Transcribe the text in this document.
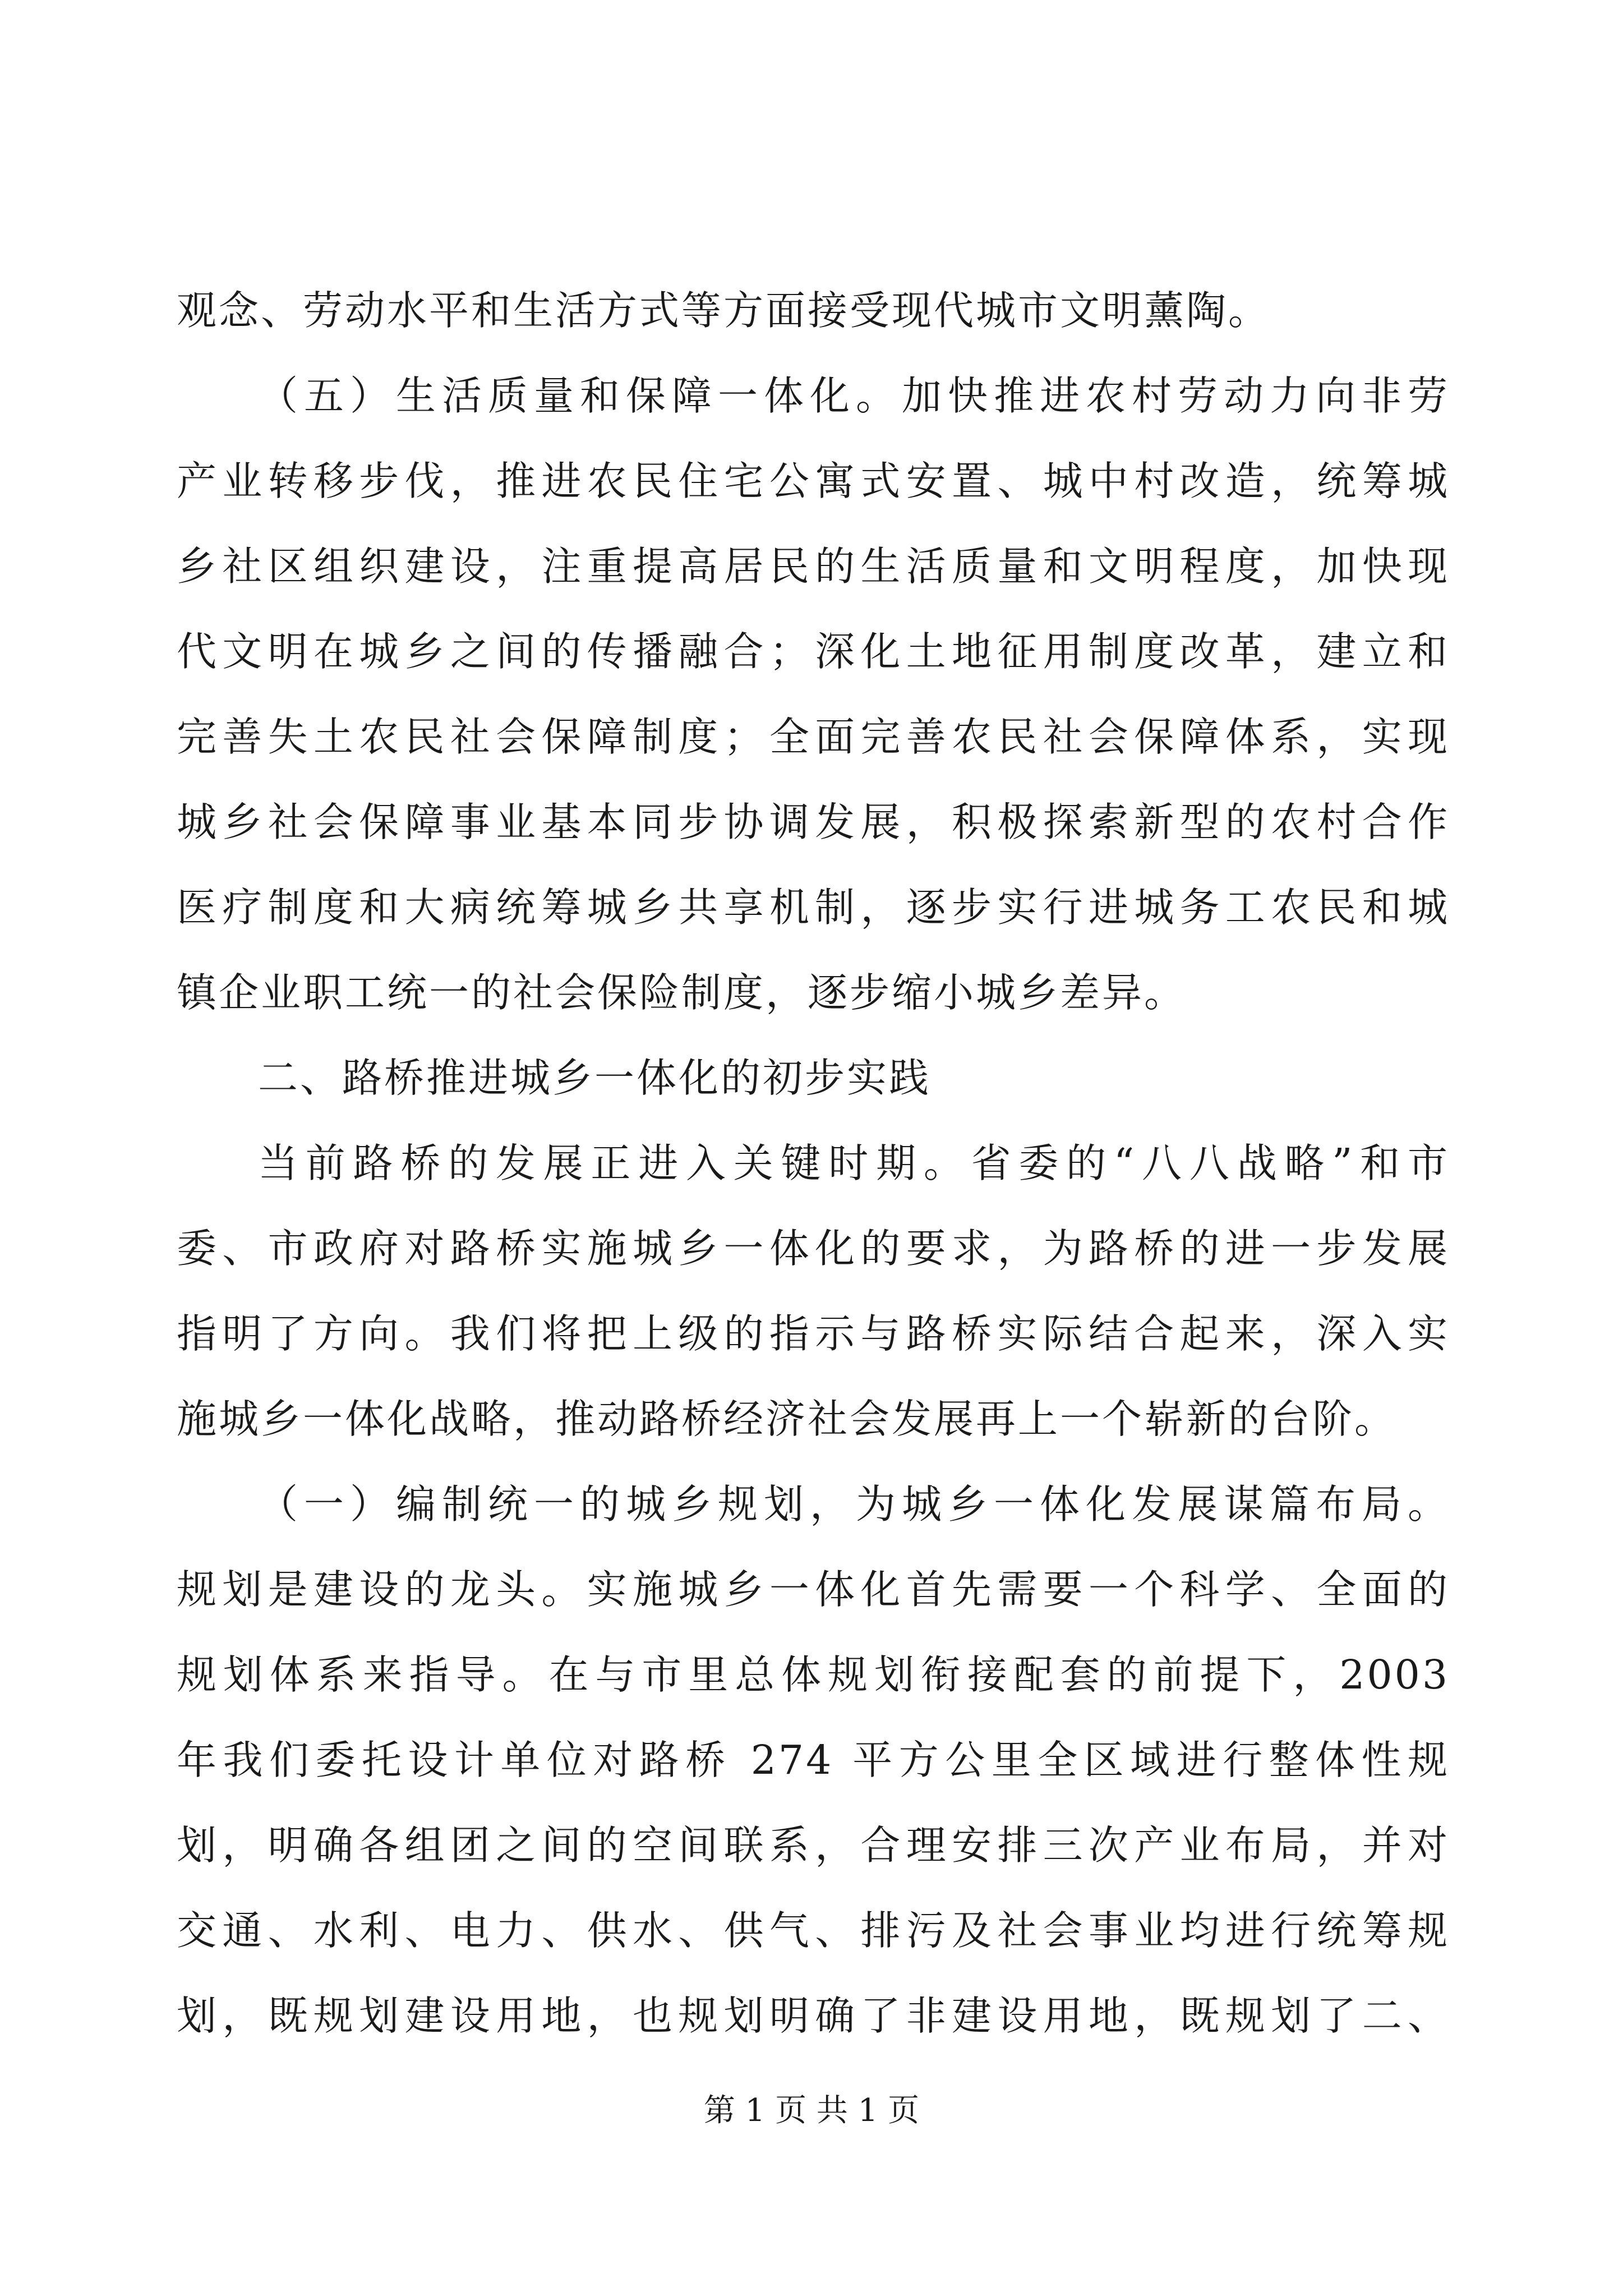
观念、劳动水平和生活方式等方面接受现代城市文明薰陶。
（五）生活质量和保障一体化。加快推进农村劳动力向非劳
产业转移步伐，推进农民住宅公寓式安置、城中村改造，统筹城
乡社区组织建设，注重提高居民的生活质量和文明程度，加快现
代文明在城乡之间的传播融合；深化土地征用制度改革，建立和
完善失土农民社会保障制度；全面完善农民社会保障体系，实现
城乡社会保障事业基本同步协调发展，积极探索新型的农村合作
医疗制度和大病统筹城乡共享机制，逐步实行进城务工农民和城
镇企业职工统一的社会保险制度，逐步缩小城乡差异。
二、路桥推进城乡一体化的初步实践
当前路桥的发展正进入关键时期。省委的“八八战略”和市
委、市政府对路桥实施城乡一体化的要求，为路桥的进一步发展
指明了方向。我们将把上级的指示与路桥实际结合起来，深入实
施城乡一体化战略，推动路桥经济社会发展再上一个崭新的台阶。
（一）编制统一的城乡规划，为城乡一体化发展谋篇布局。
规划是建设的龙头。实施城乡一体化首先需要一个科学、全面的
规划体系来指导。在与市里总体规划衔接配套的前提下，2003
年我们委托设计单位对路桥 274 平方公里全区域进行整体性规
划，明确各组团之间的空间联系，合理安排三次产业布局，并对
交通、水利、电力、供水、供气、排污及社会事业均进行统筹规
划，既规划建设用地，也规划明确了非建设用地，既规划了二、
第 1 页 共 1 页
